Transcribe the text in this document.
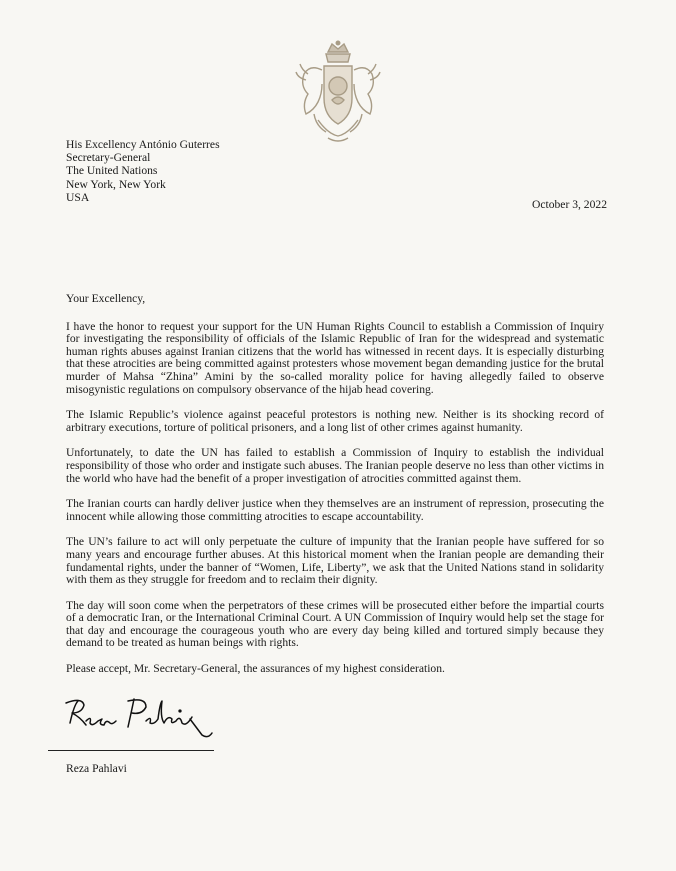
His Excellency António Guterres
Secretary-General
The United Nations
New York, New York
USA
October 3, 2022

Your Excellency,

I have the honor to request your support for the UN Human Rights Council to establish a Commission of Inquiry for investigating the responsibility of officials of the Islamic Republic of Iran for the widespread and systematic human rights abuses against Iranian citizens that the world has witnessed in recent days. It is especially disturbing that these atrocities are being committed against protesters whose movement began demanding justice for the brutal murder of Mahsa “Zhina” Amini by the so-called morality police for having allegedly failed to observe misogynistic regulations on compulsory observance of the hijab head covering.

The Islamic Republic’s violence against peaceful protestors is nothing new. Neither is its shocking record of arbitrary executions, torture of political prisoners, and a long list of other crimes against humanity.

Unfortunately, to date the UN has failed to establish a Commission of Inquiry to establish the individual responsibility of those who order and instigate such abuses. The Iranian people deserve no less than other victims in the world who have had the benefit of a proper investigation of atrocities committed against them.

The Iranian courts can hardly deliver justice when they themselves are an instrument of repression, prosecuting the innocent while allowing those committing atrocities to escape accountability.

The UN’s failure to act will only perpetuate the culture of impunity that the Iranian people have suffered for so many years and encourage further abuses. At this historical moment when the Iranian people are demanding their fundamental rights, under the banner of “Women, Life, Liberty”, we ask that the United Nations stand in solidarity with them as they struggle for freedom and to reclaim their dignity.

The day will soon come when the perpetrators of these crimes will be prosecuted either before the impartial courts of a democratic Iran, or the International Criminal Court. A UN Commission of Inquiry would help set the stage for that day and encourage the courageous youth who are every day being killed and tortured simply because they demand to be treated as human beings with rights.

Please accept, Mr. Secretary-General, the assurances of my highest consideration.

Reza Pahlavi
